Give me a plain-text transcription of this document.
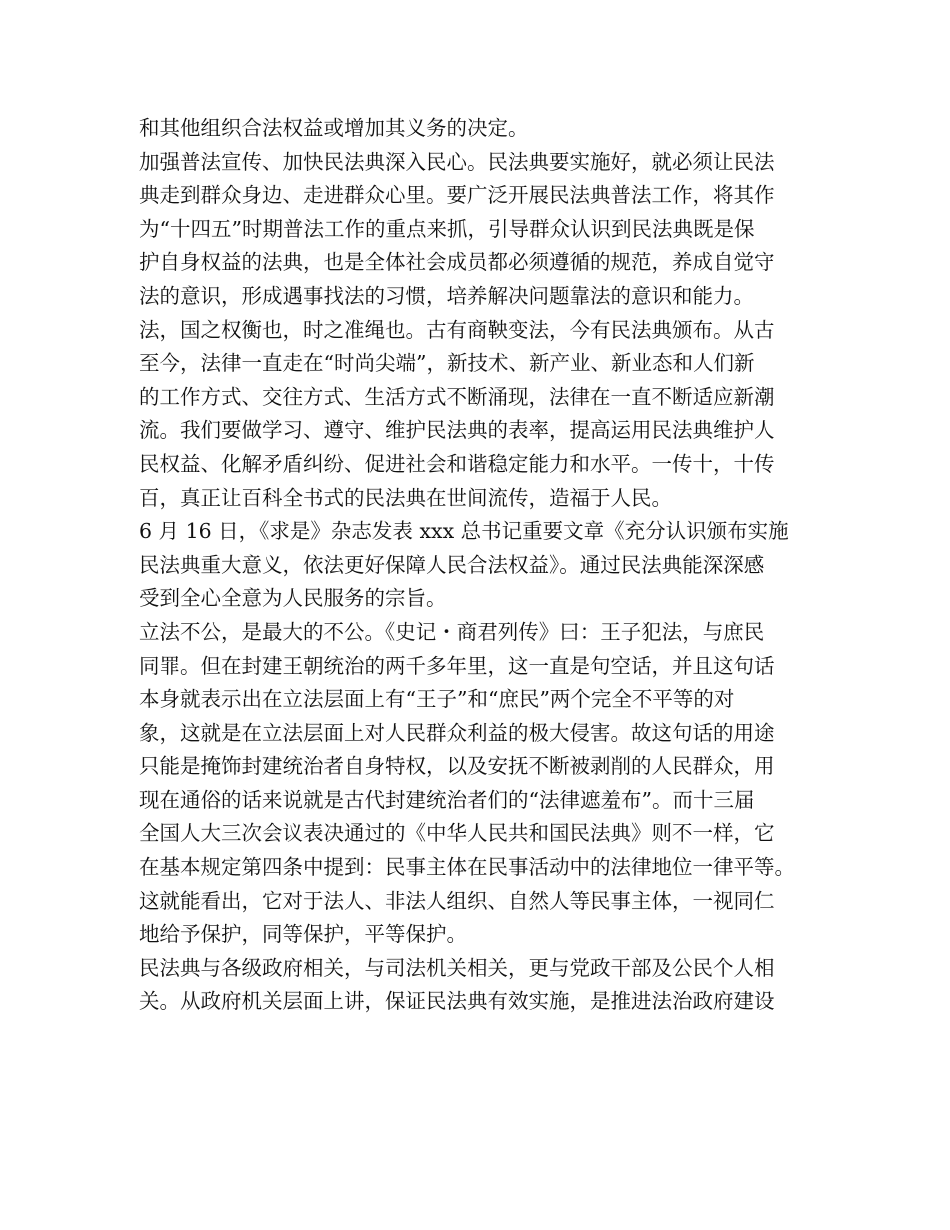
和其他组织合法权益或增加其义务的决定。
加强普法宣传、加快民法典深入民心。民法典要实施好，就必须让民法
典走到群众身边、走进群众心里。要广泛开展民法典普法工作，将其作
为“十四五”时期普法工作的重点来抓，引导群众认识到民法典既是保
护自身权益的法典，也是全体社会成员都必须遵循的规范，养成自觉守
法的意识，形成遇事找法的习惯，培养解决问题靠法的意识和能力。
法，国之权衡也，时之准绳也。古有商鞅变法，今有民法典颁布。从古
至今，法律一直走在“时尚尖端”，新技术、新产业、新业态和人们新
的工作方式、交往方式、生活方式不断涌现，法律在一直不断适应新潮
流。我们要做学习、遵守、维护民法典的表率，提高运用民法典维护人
民权益、化解矛盾纠纷、促进社会和谐稳定能力和水平。一传十，十传
百，真正让百科全书式的民法典在世间流传，造福于人民。
6 月 16 日，《求是》杂志发表 xxx 总书记重要文章《充分认识颁布实施
民法典重大意义，依法更好保障人民合法权益》。通过民法典能深深感
受到全心全意为人民服务的宗旨。
立法不公，是最大的不公。《史记・商君列传》曰：王子犯法，与庶民
同罪。但在封建王朝统治的两千多年里，这一直是句空话，并且这句话
本身就表示出在立法层面上有“王子”和“庶民”两个完全不平等的对
象，这就是在立法层面上对人民群众利益的极大侵害。故这句话的用途
只能是掩饰封建统治者自身特权，以及安抚不断被剥削的人民群众，用
现在通俗的话来说就是古代封建统治者们的“法律遮羞布”。而十三届
全国人大三次会议表决通过的《中华人民共和国民法典》则不一样，它
在基本规定第四条中提到：民事主体在民事活动中的法律地位一律平等。
这就能看出，它对于法人、非法人组织、自然人等民事主体，一视同仁
地给予保护，同等保护，平等保护。
民法典与各级政府相关，与司法机关相关，更与党政干部及公民个人相
关。从政府机关层面上讲，保证民法典有效实施，是推进法治政府建设
